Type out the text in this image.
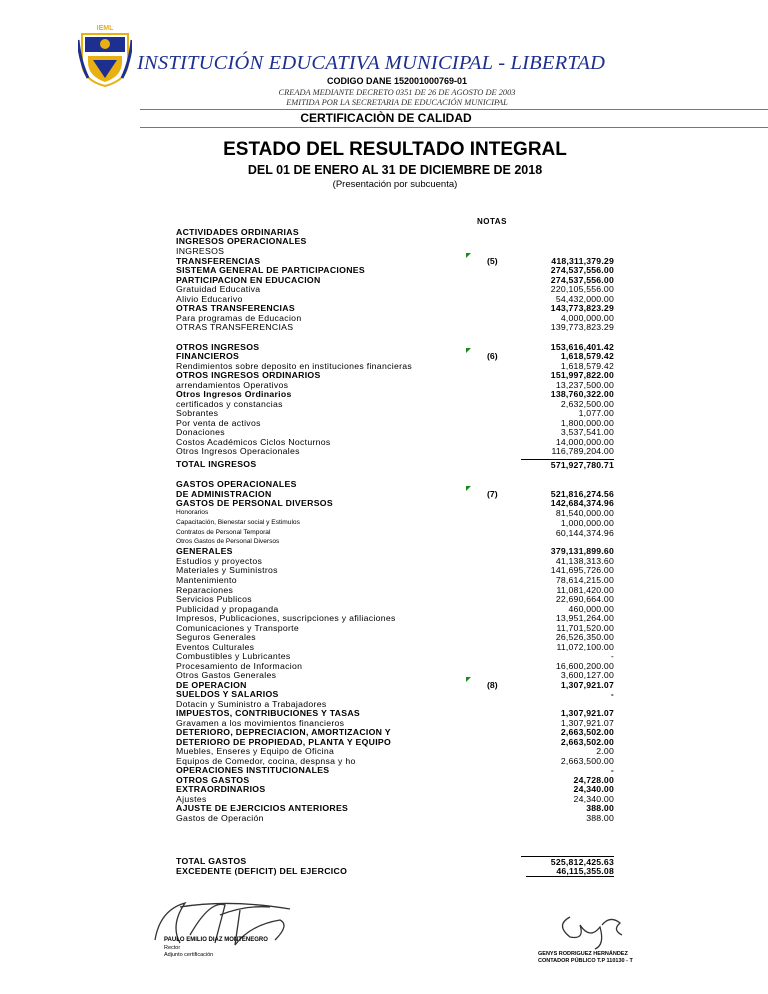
IEML
INSTITUCIÓN EDUCATIVA MUNICIPAL - LIBERTAD
CODIGO DANE 152001000769-01
CREADA MEDIANTE DECRETO 0351 DE 26 DE AGOSTO DE 2003
EMITIDA POR LA SECRETARIA DE EDUCACIÓN MUNICIPAL
CERTIFICACIÒN DE CALIDAD
ESTADO DEL RESULTADO INTEGRAL
DEL 01 DE ENERO AL 31 DE DICIEMBRE DE 2018
(Presentación por subcuenta)
NOTAS
ACTIVIDADES ORDINARIAS
INGRESOS OPERACIONALES
INGRESOS
TRANSFERENCIAS	(5)	418,311,379.29
SISTEMA GENERAL DE PARTICIPACIONES	274,537,556.00
PARTICIPACION EN EDUCACION	274,537,556.00
Gratuidad Educativa	220,105,556.00
Alivio Educarivo	54,432,000.00
OTRAS TRANSFERENCIAS	143,773,823.29
Para programas de Educacion	4,000,000.00
OTRAS TRANSFERENCIAS	139,773,823.29
OTROS INGRESOS	153,616,401.42
FINANCIEROS	(6)	1,618,579.42
Rendimientos sobre deposito en instituciones financieras	1,618,579.42
OTROS INGRESOS ORDINARIOS	151,997,822.00
arrendamientos Operativos	13,237,500.00
Otros Ingresos Ordinarios	138,760,322.00
certificados y constancias	2,632,500.00
Sobrantes	1,077.00
Por venta de activos	1,800,000.00
Donaciones	3,537,541.00
Costos Académicos Ciclos Nocturnos	14,000,000.00
Otros Ingresos Operacionales	116,789,204.00
TOTAL INGRESOS	571,927,780.71
GASTOS OPERACIONALES
DE ADMINISTRACION	(7)	521,816,274.56
GASTOS DE PERSONAL DIVERSOS	142,684,374.96
Honorarios	81,540,000.00
Capacitación, Bienestar social y Estimulos	1,000,000.00
Contratos de Personal Temporal	60,144,374.96
Otros Gastos de Personal Diversos
GENERALES	379,131,899.60
Estudios y proyectos	41,138,313.60
Materiales y Suministros	141,695,726.00
Mantenimiento	78,614,215.00
Reparaciones	11,081,420.00
Servicios Publicos	22,690,664.00
Publicidad y propaganda	460,000.00
Impresos, Publicaciones, suscripciones y afiliaciones	13,951,264.00
Comunicaciones y Transporte	11,701,520.00
Seguros Generales	26,526,350.00
Eventos Culturales	11,072,100.00
Combustibles y Lubricantes	-
Procesamiento de Informacion	16,600,200.00
Otros Gastos Generales	3,600,127.00
DE OPERACION	(8)	1,307,921.07
SUELDOS Y SALARIOS	-
Dotacin y Suministro a Trabajadores
IMPUESTOS, CONTRIBUCIONES Y TASAS	1,307,921.07
Gravamen a los movimientos financieros	1,307,921.07
DETERIORO, DEPRECIACION, AMORTIZACION Y	2,663,502.00
DETERIORO DE PROPIEDAD, PLANTA Y EQUIPO	2,663,502.00
Muebles, Enseres y Equipo de Oficina	2.00
Equipos de Comedor, cocina, despnsa y ho	2,663,500.00
OPERACIONES INSTITUCIONALES	-
OTROS GASTOS	24,728.00
EXTRAORDINARIOS	24,340.00
Ajustes	24,340.00
AJUSTE DE EJERCICIOS ANTERIORES	388.00
Gastos de Operación	388.00
TOTAL GASTOS	525,812,425.63
EXCEDENTE (DEFICIT) DEL EJERCICO	46,115,355.08
PAULO EMILIO DIAZ MONTENEGRO
Rector
Adjunto certificación	GENYS RODRIGUEZ HERNÁNDEZ
CONTADOR PÚBLICO T.P 110130 - T
